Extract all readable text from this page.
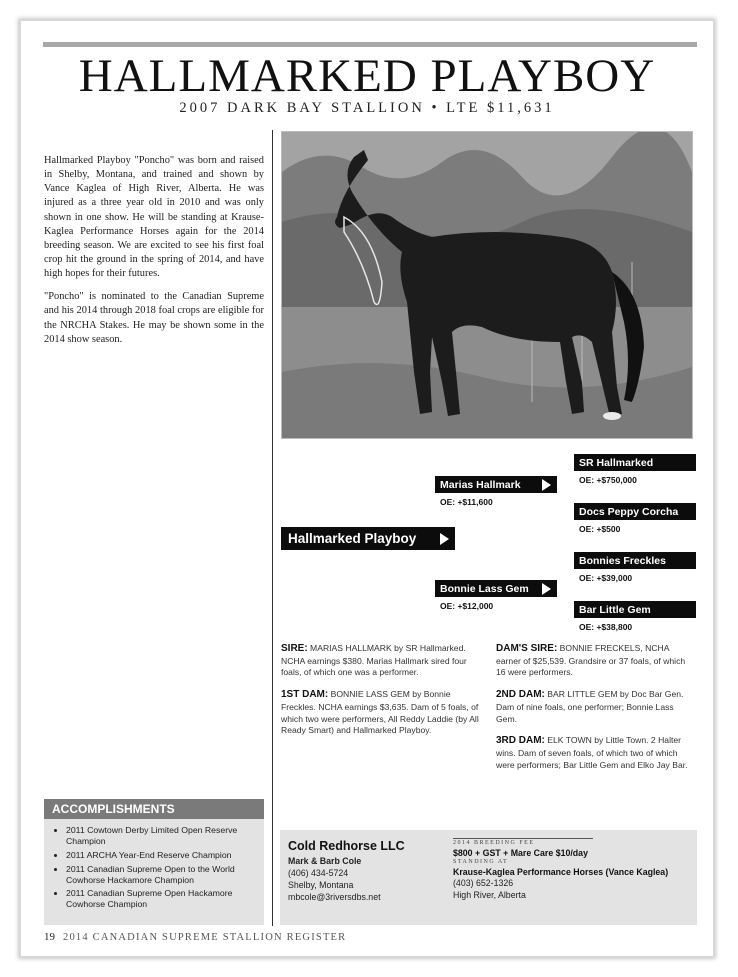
HALLMARKED PLAYBOY
2007 DARK BAY STALLION • LTE $11,631

Hallmarked Playboy "Poncho" was born and raised in Shelby, Montana, and trained and shown by Vance Kaglea of High River, Alberta. He was injured as a three year old in 2010 and was only shown in one show. He will be standing at Krause-Kaglea Performance Horses again for the 2014 breeding season. We are excited to see his first foal crop hit the ground in the spring of 2014, and have high hopes for their futures.

"Poncho" is nominated to the Canadian Supreme and his 2014 through 2018 foal crops are eligible for the NRCHA Stakes. He may be shown some in the 2014 show season.

Hallmarked Playboy
Marias Hallmark
OE: +$11,600
Bonnie Lass Gem
OE: +$12,000
SR Hallmarked
OE: +$750,000
Docs Peppy Corcha
OE: +$500
Bonnies Freckles
OE: +$39,000
Bar Little Gem
OE: +$38,800

SIRE: MARIAS HALLMARK by SR Hallmarked. NCHA earnings $380. Marias Hallmark sired four foals, of which one was a performer.

1ST DAM: BONNIE LASS GEM by Bonnie Freckles. NCHA earnings $3,635. Dam of 5 foals, of which two were performers, All Reddy Laddie (by All Ready Smart) and Hallmarked Playboy.

DAM'S SIRE: BONNIE FRECKELS, NCHA earner of $25,539. Grandsire or 37 foals, of which 16 were performers.

2ND DAM: BAR LITTLE GEM by Doc Bar Gen. Dam of nine foals, one performer; Bonnie Lass Gem.

3RD DAM: ELK TOWN by Little Town. 2 Halter wins. Dam of seven foals, of which two of which were performers; Bar Little Gem and Elko Jay Bar.

ACCOMPLISHMENTS
• 2011 Cowtown Derby Limited Open Reserve Champion
• 2011 ARCHA Year-End Reserve Champion
• 2011 Canadian Supreme Open to the World Cowhorse Hackamore Champion
• 2011 Canadian Supreme Open Hackamore Cowhorse Champion
Cold Redhorse LLC
Mark & Barb Cole
(406) 434-5724
Shelby, Montana
mbcole@3riversdbs.net
2014 BREEDING FEE
$800 + GST + Mare Care $10/day
STANDING AT
Krause-Kaglea Performance Horses (Vance Kaglea)
(403) 652-1326
High River, Alberta
19 2014 CANADIAN SUPREME STALLION REGISTER
